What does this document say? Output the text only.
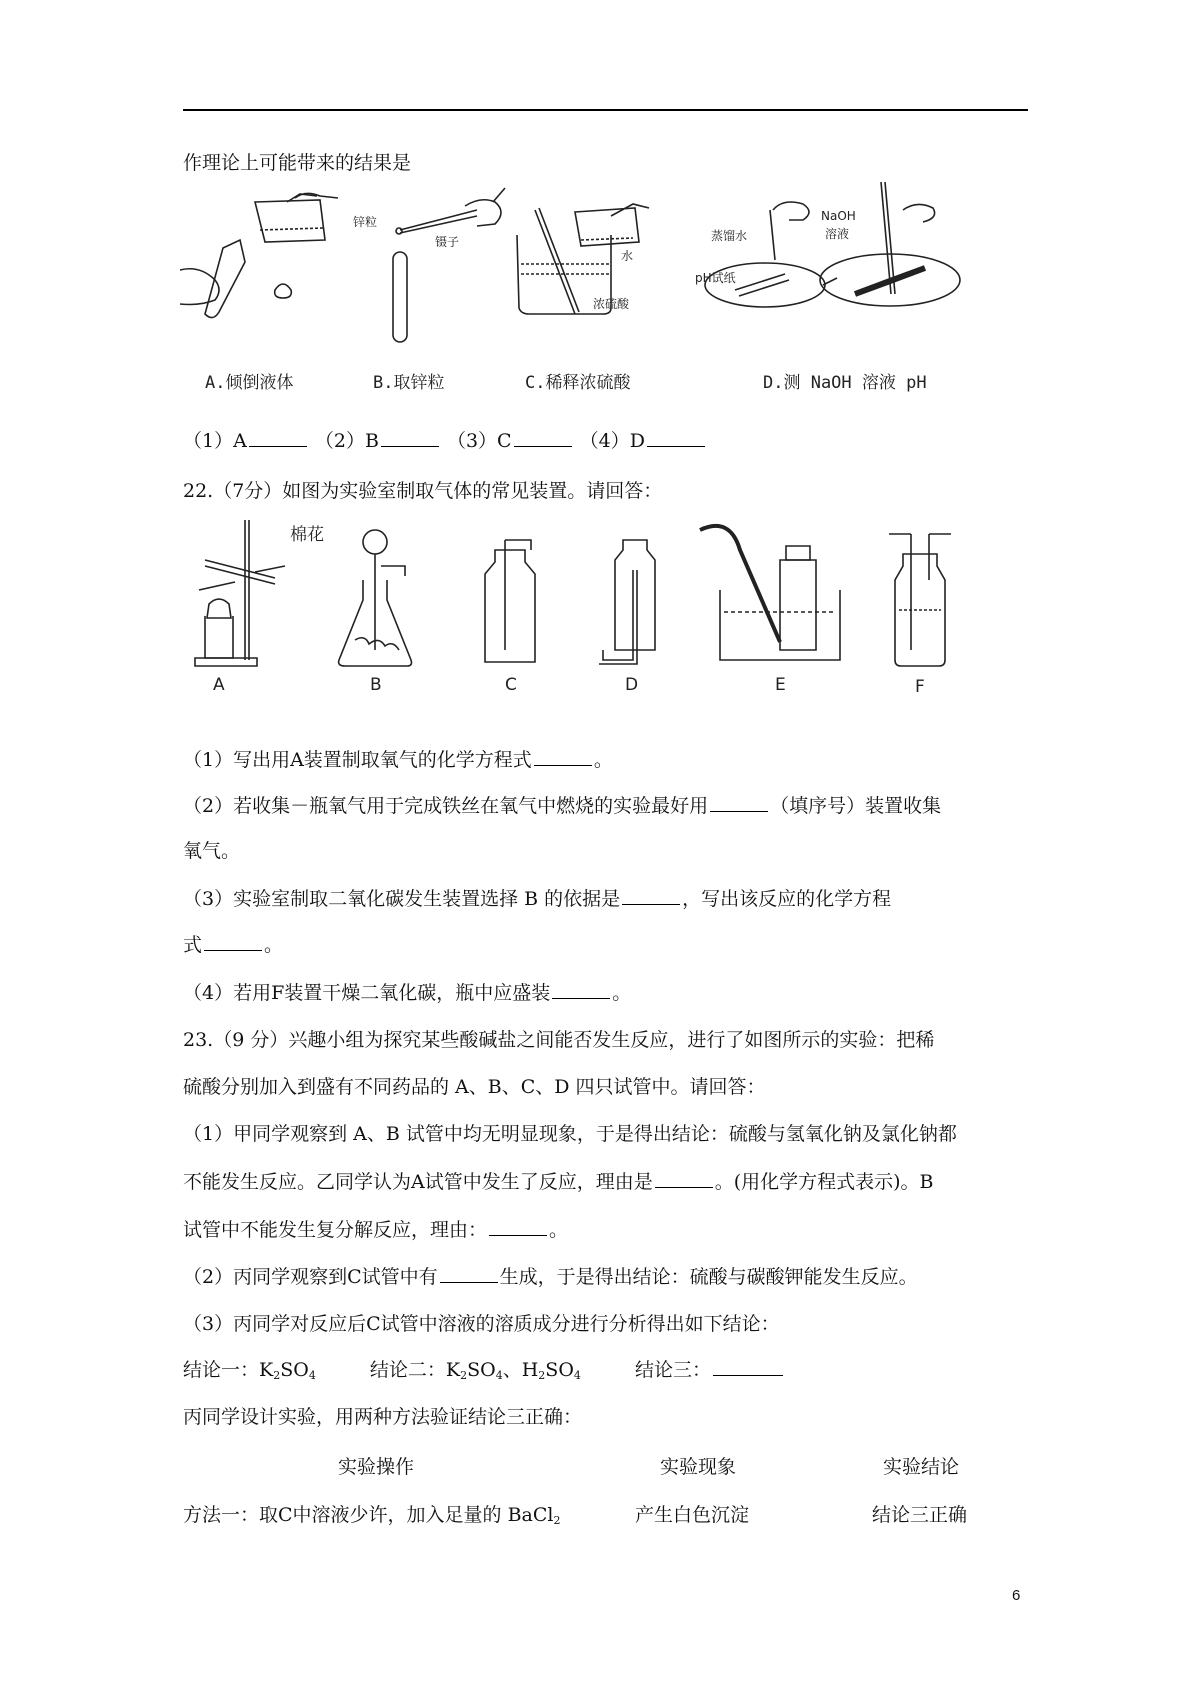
作理论上可能带来的结果是
锌粒
镊子
水
浓硫酸
蒸馏水
pH试纸
NaOH
溶液
A.倾倒液体	B.取锌粒	C.稀释浓硫酸	D.测 NaOH 溶液 pH
（1）A	（2）B	（3）C	（4）D
22.（7分）如图为实验室制取气体的常见装置。请回答：
棉花
A	B	C	D	E	F
（1）写出用A装置制取氧气的化学方程式	。
（2）若收集－瓶氧气用于完成铁丝在氧气中燃烧的实验最好用	（填序号）装置收集
氧气。
（3）实验室制取二氧化碳发生装置选择 B 的依据是	，写出该反应的化学方程
式	。
（4）若用F装置干燥二氧化碳，瓶中应盛装	。
23.（9 分）兴趣小组为探究某些酸碱盐之间能否发生反应，进行了如图所示的实验：把稀
硫酸分别加入到盛有不同药品的 A、B、C、D 四只试管中。请回答：
（1）甲同学观察到 A、B 试管中均无明显现象，于是得出结论：硫酸与氢氧化钠及氯化钠都
不能发生反应。乙同学认为A试管中发生了反应，理由是	。(用化学方程式表示)。B
试管中不能发生复分解反应，理由：	。
（2）丙同学观察到C试管中有	生成，于是得出结论：硫酸与碳酸钾能发生反应。
（3）丙同学对反应后C试管中溶液的溶质成分进行分析得出如下结论：
结论一：$K_2SO_4$	结论二：$K_2SO_4$、$H_2SO_4$	结论三：
丙同学设计实验，用两种方法验证结论三正确：
实验操作	实验现象	实验结论
方法一：取C中溶液少许，加入足量的 BaCl$_2$	产生白色沉淀	结论三正确
6
